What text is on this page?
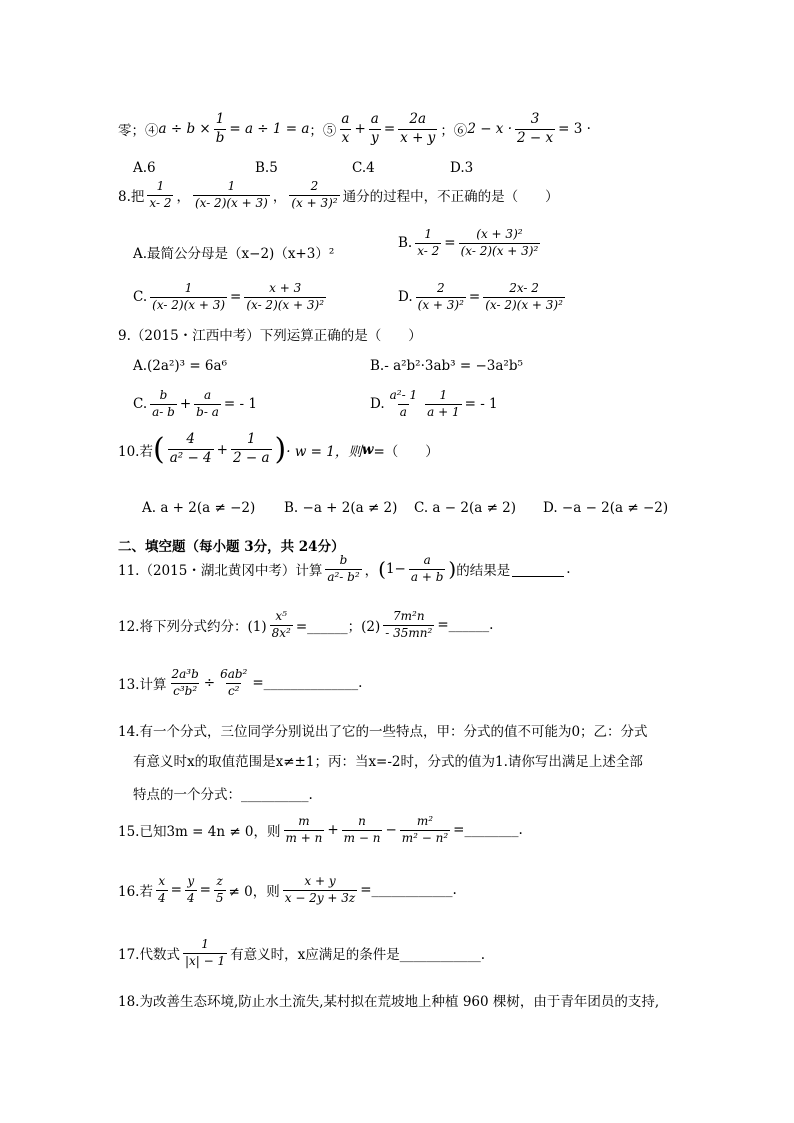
零；④ $a \div b \times \frac{1}{b} = a \div 1 = a$ ；⑤ $\frac{a}{x} + \frac{a}{y} = \frac{2a}{x + y}$ ；⑥ $2 - x \cdot \frac{3}{2 - x} = 3$ ·
A.6	B.5	C.4	D.3
8.把 $\frac{1}{x- 2}$ ， $\frac{1}{(x- 2)(x + 3)}$ ， $\frac{2}{\text{(x + 3)²}}$ 通分的过程中，不正确的是（　　）
A.最简公分母是（x−2)（x+3）²
B. $\frac{1}{x- 2} = \frac{\text{(x + 3)²}}{\text{(x- 2)(x + 3)²}}$
C. $\frac{1}{(x- 2)(x + 3)} = \frac{x + 3}{\text{(x- 2)(x + 3)²}}$	D. $\frac{2}{\text{(x + 3)²}} = \frac{2x- 2}{\text{(x- 2)(x + 3)²}}$
9.（2015・江西中考）下列运算正确的是（　　）
A.(2a²)³ = 6a⁶	B.- a²b²·3ab³ = −3a²b⁵
C. $\frac{b}{a- b} + \frac{a}{b- a}$ = - 1	D. $\frac{\text{a²- 1}}{a} \frac{1}{a + 1}$ = - 1
10.若 ( $\frac{4}{\text{a² − 4}} + \frac{1}{2 - a}$ ) · w = 1，则 w =（　　）
A. a + 2(a ≠ −2) B. −a + 2(a ≠ 2) C. a − 2(a ≠ 2) D. −a − 2(a ≠ −2)
二、填空题（每小题 3分，共 24分）
11.（2015・湖北黄冈中考）计算 $\frac{b}{\text{a²- b²}}$ ， ( $1- \frac{a}{a + b}$ ) 的结果是	.
12.将下列分式约分：$(1) \frac{\text{x⁵}}{\text{8x²}}$ =______；$(2) \frac{\text{7m²n}}{\text{- 35mn²}}$ =______.
13.计算 $\frac{\text{2a³b}}{\text{c³b²}} \div \frac{\text{6ab²}}{\text{c²}}$ =______________.
14.有一个分式，三位同学分别说出了它的一些特点，甲：分式的值不可能为0；乙：分式
有意义时x的取值范围是x≠±1；丙：当x=-2时，分式的值为1.请你写出满足上述全部
特点的一个分式：__________.
15.已知3m = 4n ≠ 0，则 $\frac{m}{m + n} + \frac{n}{m - n} - \frac{\text{m²}}{\text{m² − n²}}$ =________.
16.若 $\frac{x}{4} = \frac{y}{4} = \frac{z}{5} \ne 0$，则 $\frac{x + y}{x - 2y + 3z}$ =____________.
17.代数式 $\frac{1}{|x| - 1}$ 有意义时，x应满足的条件是____________.
18.为改善生态环境,防止水土流失,某村拟在荒坡地上种植 960 棵树，由于青年团员的支持,
